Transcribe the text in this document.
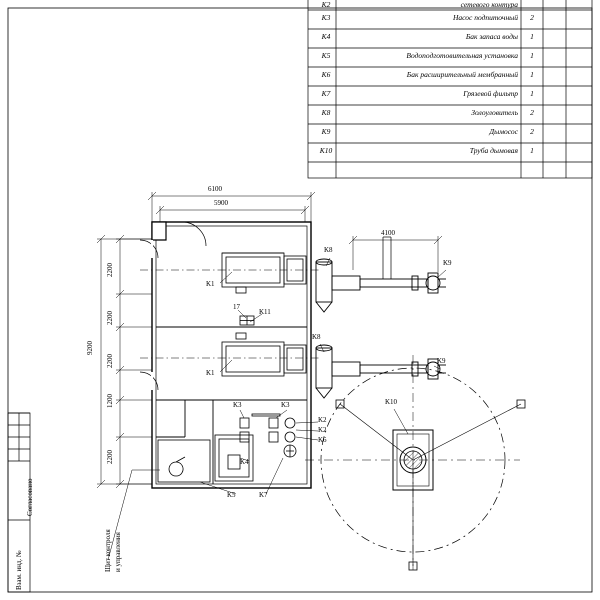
K2	сетевого контура
K3	Насос подпиточный	2
K4	Бак запаса воды	1
K5	Водоподготовительная установка	1
K6	Бак расширительный мембранный	1
K7	Грязевой фильтр	1
K8	Золоуловитель	2
K9	Дымосос	2
K10	Труба дымовая	1
6100
5900
4100
9200
2200
2200
2200
1200
2200
K1
K1
K11
K8
K8
K9
K9
K10
K3	K3
K2
K2
K6
K4
K5	K7
17
Щит контроля и управления
Взам. инд. №
Согласовано
